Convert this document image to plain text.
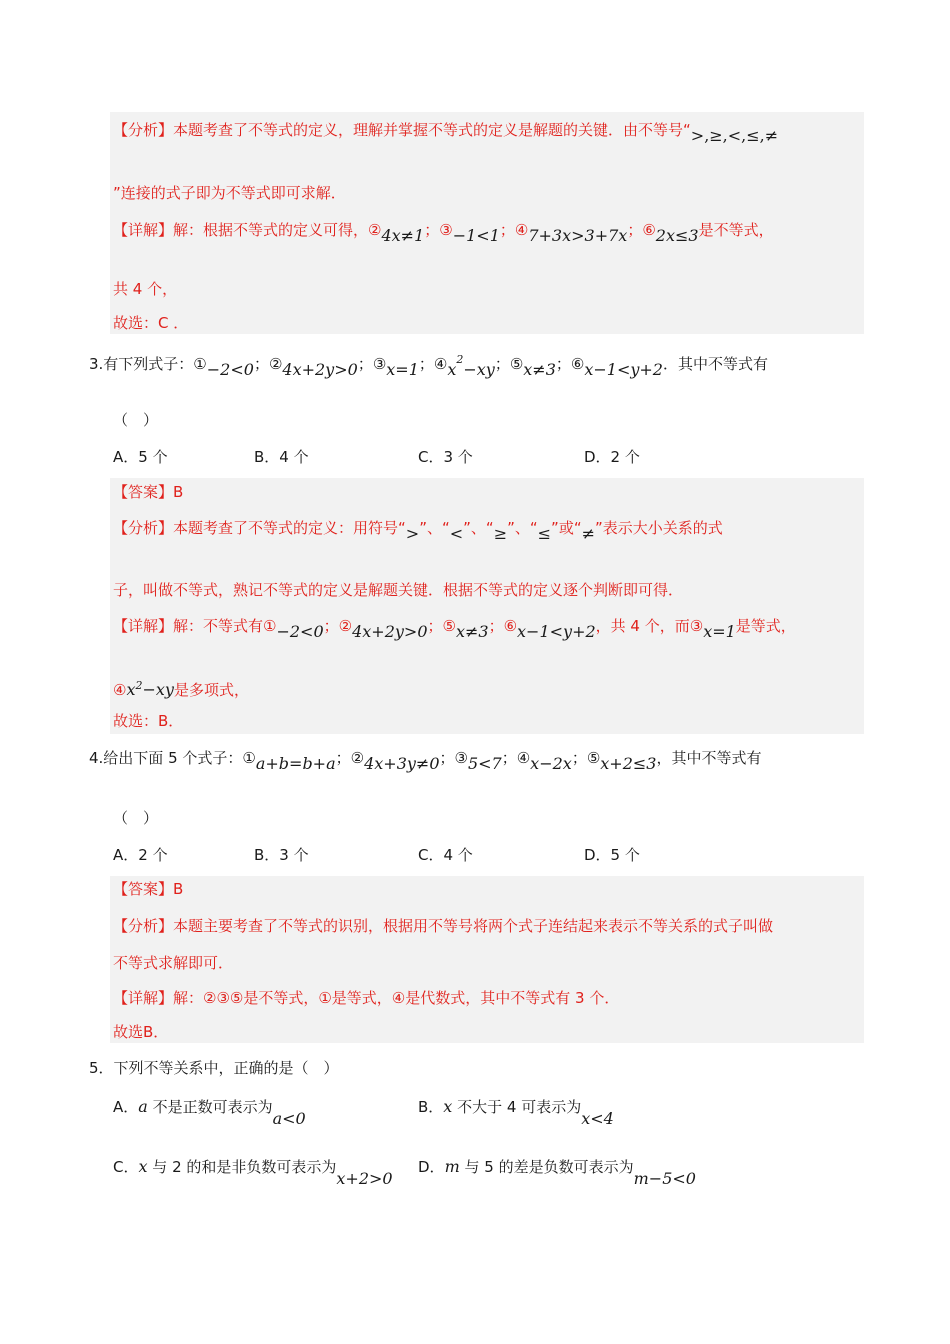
【分析】本题考查了不等式的定义，理解并掌握不等式的定义是解题的关键．由不等号“>,≥,<,≤,≠
”连接的式子即为不等式即可求解．
【详解】解：根据不等式的定义可得，②4x≠1；③−1<1；④7+3x>3+7x；⑥2x≤3是不等式，
共 4 个，
故选：C ．
3.有下列式子：①−2<0；②4x+2y>0；③x=1；$④x^2-xy$；⑤x≠3；⑥x−1<y+2．其中不等式有
（　）
A．5 个	B．4 个	C．3 个	D．2 个
【答案】B
【分析】本题考查了不等式的定义：用符号“>”、“<”、“≥”、“≤”或“≠”表示大小关系的式
子，叫做不等式，熟记不等式的定义是解题关键．根据不等式的定义逐个判断即可得．
【详解】解：不等式有①−2<0；②4x+2y>0；⑤x≠3；⑥x−1<y+2，共 4 个，而③x=1是等式，
$④x^2-xy$是多项式，
故选：B．
4.给出下面 5 个式子：①a+b=b+a；②4x+3y≠0；③5<7；④x−2x；⑤x+2≤3，其中不等式有
（　）
A．2 个	B．3 个	C．4 个	D．5 个
【答案】B
【分析】本题主要考查了不等式的识别，根据用不等号将两个式子连结起来表示不等关系的式子叫做
不等式求解即可．
【详解】解：②③⑤是不等式，①是等式，④是代数式，其中不等式有 3 个．
故选B．
5．下列不等关系中，正确的是（　）
A．a 不是正数可表示为a<0
B．x 不大于 4 可表示为x<4
C．x 与 2 的和是非负数可表示为x+2>0
D．m 与 5 的差是负数可表示为m−5<0
